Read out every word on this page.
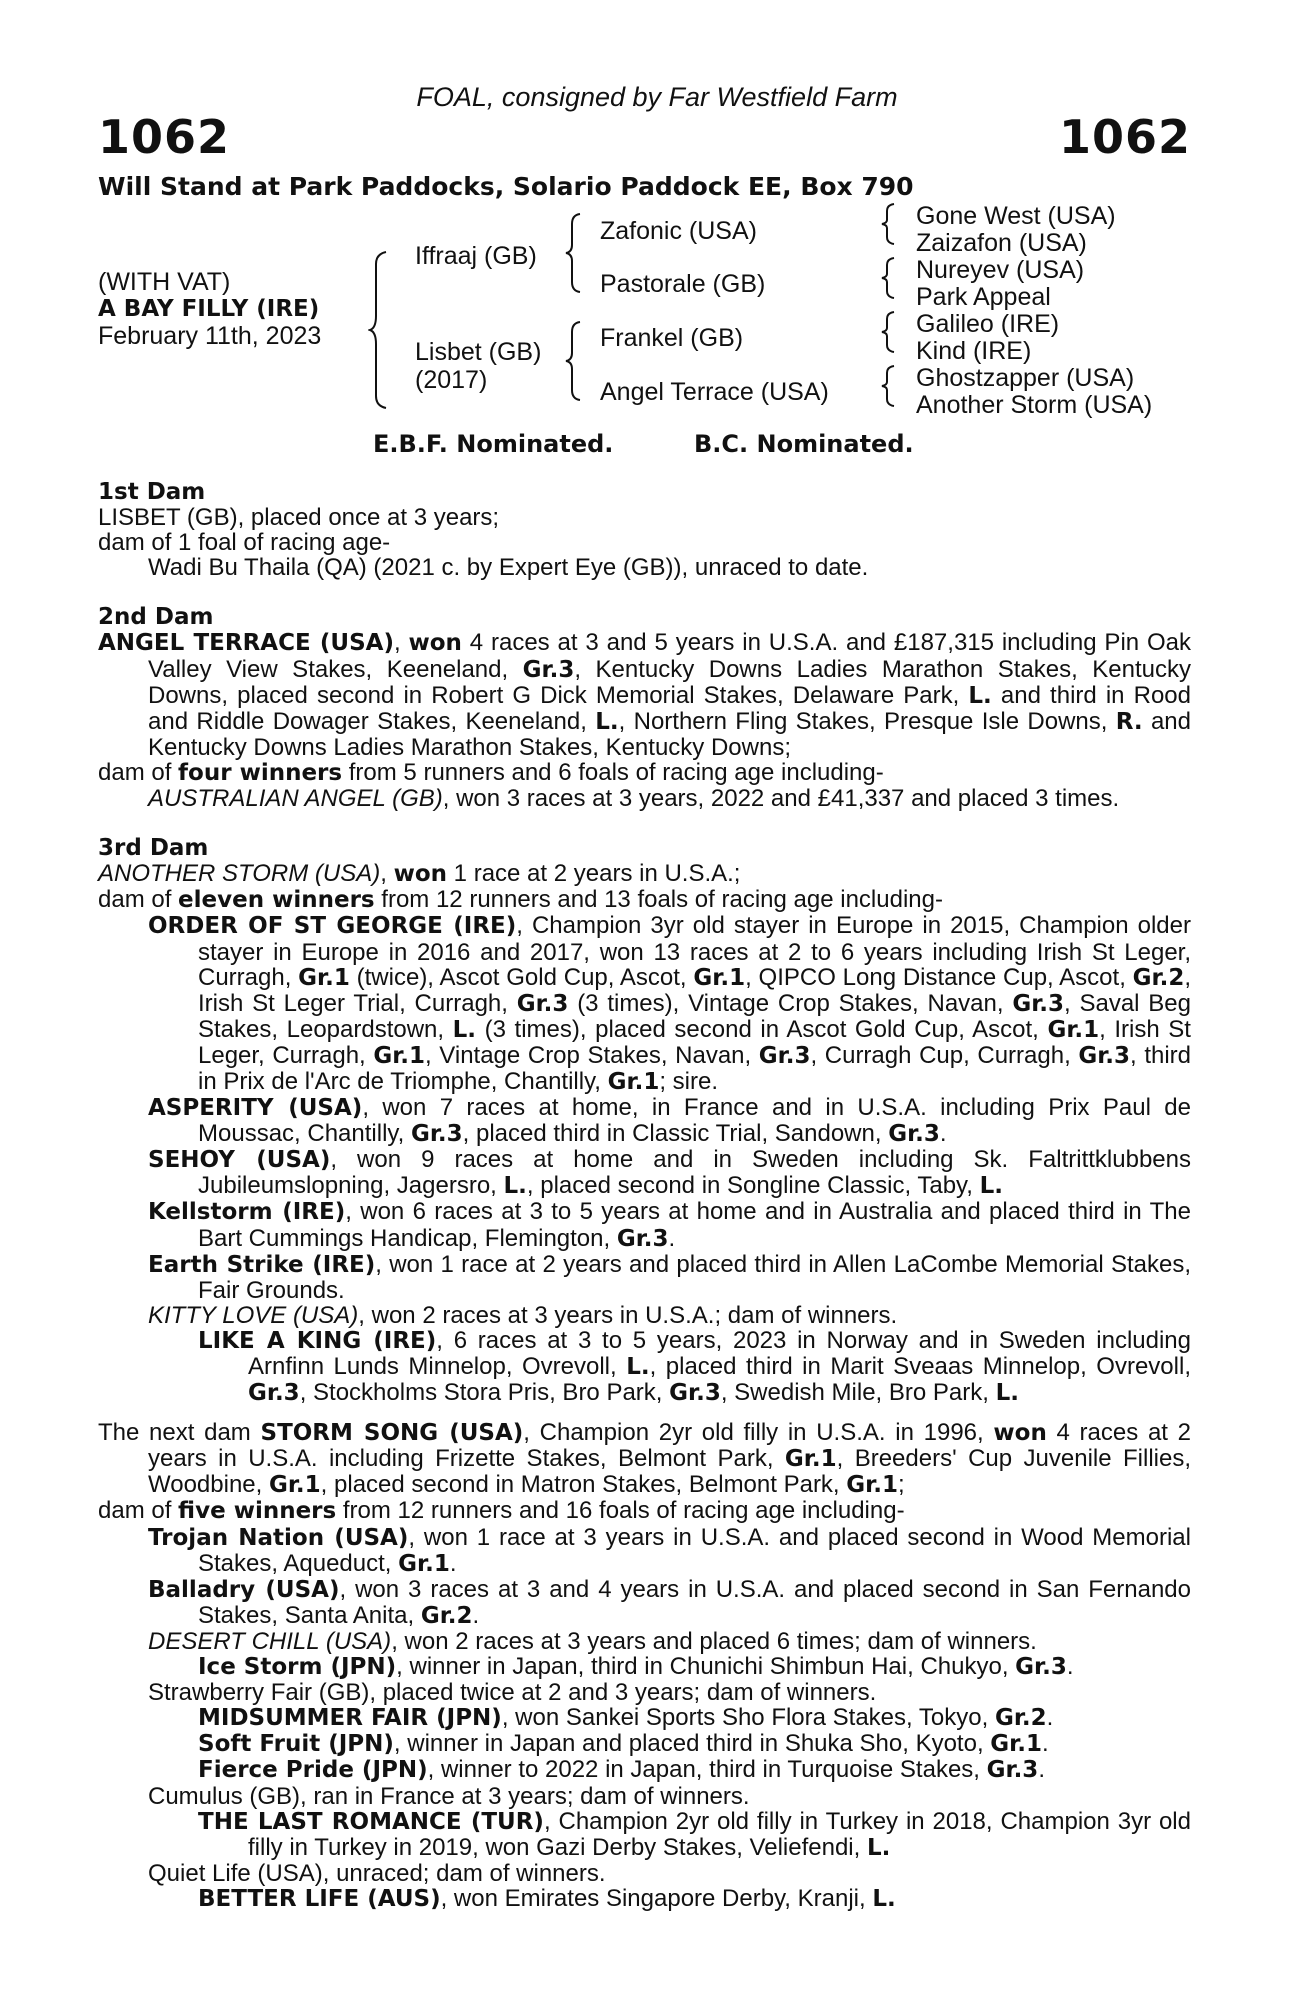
FOAL, consigned by Far Westfield Farm
1062	1062
Will Stand at Park Paddocks, Solario Paddock EE, Box 790
(WITH VAT)
A BAY FILLY (IRE)
February 11th, 2023
Iffraaj (GB)
Lisbet (GB)
(2017)
Zafonic (USA)
Pastorale (GB)
Frankel (GB)
Angel Terrace (USA)
Gone West (USA)
Zaizafon (USA)
Nureyev (USA)
Park Appeal
Galileo (IRE)
Kind (IRE)
Ghostzapper (USA)
Another Storm (USA)
E.B.F. Nominated.	B.C. Nominated.

1st Dam

LISBET (GB), placed once at 3 years;

dam of 1 foal of racing age-

Wadi Bu Thaila (QA) (2021 c. by Expert Eye (GB)), unraced to date.

2nd Dam

ANGEL TERRACE (USA), won 4 races at 3 and 5 years in U.S.A. and £187,315 including Pin Oak Valley View Stakes, Keeneland, Gr.3, Kentucky Downs Ladies Marathon Stakes, Kentucky Downs, placed second in Robert G Dick Memorial Stakes, Delaware Park, L. and third in Rood and Riddle Dowager Stakes, Keeneland, L., Northern Fling Stakes, Presque Isle Downs, R. and Kentucky Downs Ladies Marathon Stakes, Kentucky Downs;

dam of four winners from 5 runners and 6 foals of racing age including-

AUSTRALIAN ANGEL (GB), won 3 races at 3 years, 2022 and £41,337 and placed 3 times.

3rd Dam

ANOTHER STORM (USA), won 1 race at 2 years in U.S.A.;

dam of eleven winners from 12 runners and 13 foals of racing age including-

ORDER OF ST GEORGE (IRE), Champion 3yr old stayer in Europe in 2015, Champion older stayer in Europe in 2016 and 2017, won 13 races at 2 to 6 years including Irish St Leger, Curragh, Gr.1 (twice), Ascot Gold Cup, Ascot, Gr.1, QIPCO Long Distance Cup, Ascot, Gr.2, Irish St Leger Trial, Curragh, Gr.3 (3 times), Vintage Crop Stakes, Navan, Gr.3, Saval Beg Stakes, Leopardstown, L. (3 times), placed second in Ascot Gold Cup, Ascot, Gr.1, Irish St Leger, Curragh, Gr.1, Vintage Crop Stakes, Navan, Gr.3, Curragh Cup, Curragh, Gr.3, third in Prix de l'Arc de Triomphe, Chantilly, Gr.1; sire.

ASPERITY (USA), won 7 races at home, in France and in U.S.A. including Prix Paul de Moussac, Chantilly, Gr.3, placed third in Classic Trial, Sandown, Gr.3.

SEHOY (USA), won 9 races at home and in Sweden including Sk. Faltrittklubbens Jubileumslopning, Jagersro, L., placed second in Songline Classic, Taby, L.

Kellstorm (IRE), won 6 races at 3 to 5 years at home and in Australia and placed third in The Bart Cummings Handicap, Flemington, Gr.3.

Earth Strike (IRE), won 1 race at 2 years and placed third in Allen LaCombe Memorial Stakes, Fair Grounds.

KITTY LOVE (USA), won 2 races at 3 years in U.S.A.; dam of winners.

LIKE A KING (IRE), 6 races at 3 to 5 years, 2023 in Norway and in Sweden including Arnfinn Lunds Minnelop, Ovrevoll, L., placed third in Marit Sveaas Minnelop, Ovrevoll, Gr.3, Stockholms Stora Pris, Bro Park, Gr.3, Swedish Mile, Bro Park, L.

The next dam STORM SONG (USA), Champion 2yr old filly in U.S.A. in 1996, won 4 races at 2 years in U.S.A. including Frizette Stakes, Belmont Park, Gr.1, Breeders' Cup Juvenile Fillies, Woodbine, Gr.1, placed second in Matron Stakes, Belmont Park, Gr.1;

dam of five winners from 12 runners and 16 foals of racing age including-

Trojan Nation (USA), won 1 race at 3 years in U.S.A. and placed second in Wood Memorial Stakes, Aqueduct, Gr.1.

Balladry (USA), won 3 races at 3 and 4 years in U.S.A. and placed second in San Fernando Stakes, Santa Anita, Gr.2.

DESERT CHILL (USA), won 2 races at 3 years and placed 6 times; dam of winners.

Ice Storm (JPN), winner in Japan, third in Chunichi Shimbun Hai, Chukyo, Gr.3.

Strawberry Fair (GB), placed twice at 2 and 3 years; dam of winners.

MIDSUMMER FAIR (JPN), won Sankei Sports Sho Flora Stakes, Tokyo, Gr.2.

Soft Fruit (JPN), winner in Japan and placed third in Shuka Sho, Kyoto, Gr.1.

Fierce Pride (JPN), winner to 2022 in Japan, third in Turquoise Stakes, Gr.3.

Cumulus (GB), ran in France at 3 years; dam of winners.

THE LAST ROMANCE (TUR), Champion 2yr old filly in Turkey in 2018, Champion 3yr old filly in Turkey in 2019, won Gazi Derby Stakes, Veliefendi, L.

Quiet Life (USA), unraced; dam of winners.

BETTER LIFE (AUS), won Emirates Singapore Derby, Kranji, L.
